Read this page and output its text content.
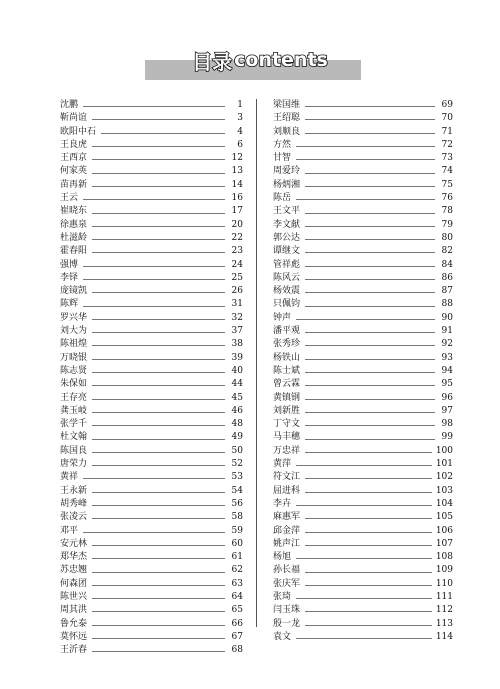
目录 contents
沈鹏	1
靳尚谊	3
欧阳中石	4
王良虎	6
王西京	12
何家英	13
苗再新	14
王云	16
崔晓东	17
徐惠泉	20
杜滋龄	22
霍春阳	23
强博	24
李铎	25
庞镜凯	26
陈辉	31
罗兴华	32
刘大为	37
陈祖煌	38
万晓银	39
陈志贤	40
朱保如	44
王存亮	45
龚玉岐	46
张学千	48
杜文翰	49
陈国良	50
唐荣力	52
黄祥	53
王永新	54
胡秀峰	56
张凌云	58
邓平	59
安元林	60
郑华杰	61
苏忠翘	62
何森团	63
陈世兴	64
周其洪	65
鲁允泰	66
莫怀远	67
王沂春	68
梁国维	69
王绍聪	70
刘顺良	71
方然	72
甘智	73
周爱玲	74
杨炳湘	75
陈岳	76
王文平	78
李文献	79
郭公达	80
谭继文	82
管祥彪	84
陈风云	86
杨效震	87
只佩钧	88
钟声	90
潘平观	91
张秀珍	92
杨铁山	93
陈士斌	94
曾云霖	95
黄镇钢	96
刘新胜	97
丁守文	98
马丰穗	99
万忠祥	100
黄萍	101
符文江	102
屈进科	103
李卉	104
麻惠军	105
邱金萍	106
姚声江	107
杨旭	108
孙长福	109
张庆军	110
张琦	111
闫玉珠	112
殷一龙	113
袁文	114
